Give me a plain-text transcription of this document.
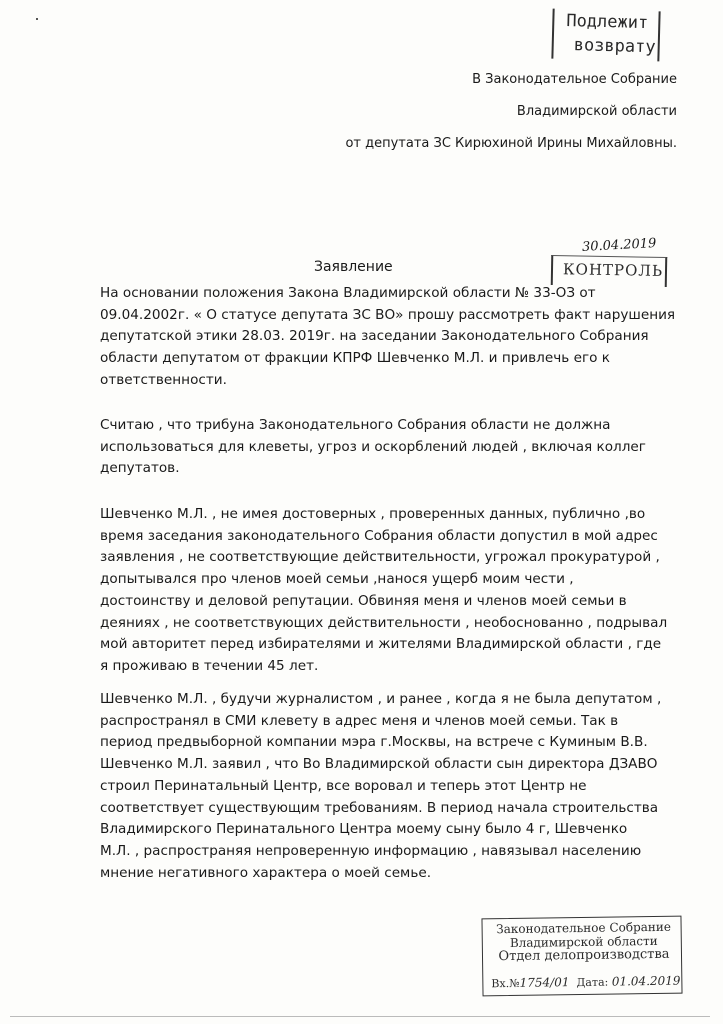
Подлежит
возврату
В Законодательное Собрание
Владимирской области
от депутата ЗС Кирюхиной Ирины Михайловны.
30.04.2019
Заявление	КОНТРОЛЬ

На основании положения Закона Владимирской области № 33-ОЗ от

09.04.2002г. « О статусе депутата ЗС ВО» прошу рассмотреть факт нарушения

депутатской этики 28.03. 2019г. на заседании Законодательного Собрания

области депутатом от фракции КПРФ Шевченко М.Л. и привлечь его к

ответственности.

Считаю , что трибуна Законодательного Собрания области не должна

использоваться для клеветы, угроз и оскорблений людей , включая коллег

депутатов.

Шевченко М.Л. , не имея достоверных , проверенных данных, публично ,во

время заседания законодательного Собрания области допустил в мой адрес

заявления , не соответствующие действительности, угрожал прокуратурой ,

допытывался про членов моей семьи ,нанося ущерб моим чести ,

достоинству и деловой репутации. Обвиняя меня и членов моей семьи в

деяниях , не соответствующих действительности , необоснованно , подрывал

мой авторитет перед избирателями и жителями Владимирской области , где

я проживаю в течении 45 лет.

Шевченко М.Л. , будучи журналистом , и ранее , когда я не была депутатом ,

распространял в СМИ клевету в адрес меня и членов моей семьи. Так в

период предвыборной компании мэра г.Москвы, на встрече с Куминым В.В.

Шевченко М.Л. заявил , что Во Владимирской области сын директора ДЗАВО

строил Перинатальный Центр, все воровал и теперь этот Центр не

соответствует существующим требованиям. В период начала строительства

Владимирского Перинатального Центра моему сыну было 4 г, Шевченко

М.Л. , распространяя непроверенную информацию , навязывал населению

мнение негативного характера о моей семье.

Законодательное Собрание
Владимирской области
Отдел делопроизводства
Вх.№1754/01 Дата: 01.04.2019
